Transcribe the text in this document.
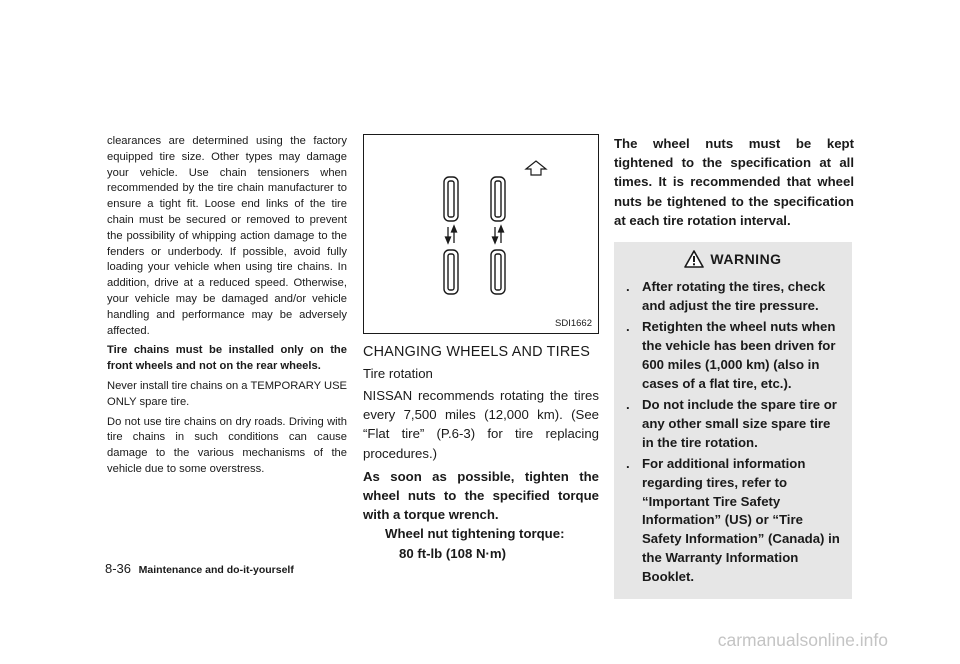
clearances are determined using the factory equipped tire size. Other types may damage your vehicle. Use chain tensioners when recommended by the tire chain manufacturer to ensure a tight fit. Loose end links of the tire chain must be secured or removed to prevent the possibility of whipping action damage to the fenders or underbody. If possible, avoid fully loading your vehicle when using tire chains. In addition, drive at a reduced speed. Otherwise, your vehicle may be damaged and/or vehicle handling and performance may be adversely affected.

Tire chains must be installed only on the front wheels and not on the rear wheels.

Never install tire chains on a TEMPORARY USE ONLY spare tire.

Do not use tire chains on dry roads. Driving with tire chains in such conditions can cause damage to the various mechanisms of the vehicle due to some overstress.

SDI1662
CHANGING WHEELS AND TIRES
Tire rotation

NISSAN recommends rotating the tires every 7,500 miles (12,000 km). (See “Flat tire” (P.6-3) for tire replacing procedures.)

As soon as possible, tighten the wheel nuts to the specified torque with a torque wrench.

Wheel nut tightening torque:
80 ft-lb (108 N·m)

The wheel nuts must be kept tightened to the specification at all times. It is recommended that wheel nuts be tightened to the specification at each tire rotation interval.

WARNING
. After rotating the tires, check and adjust the tire pressure.
. Retighten the wheel nuts when the vehicle has been driven for 600 miles (1,000 km) (also in cases of a flat tire, etc.).
. Do not include the spare tire or any other small size spare tire in the tire rotation.
. For additional information regarding tires, refer to “Important Tire Safety Information” (US) or “Tire Safety Information” (Canada) in the Warranty Information Booklet.
8-36 Maintenance and do-it-yourself
carmanualsonline.info
